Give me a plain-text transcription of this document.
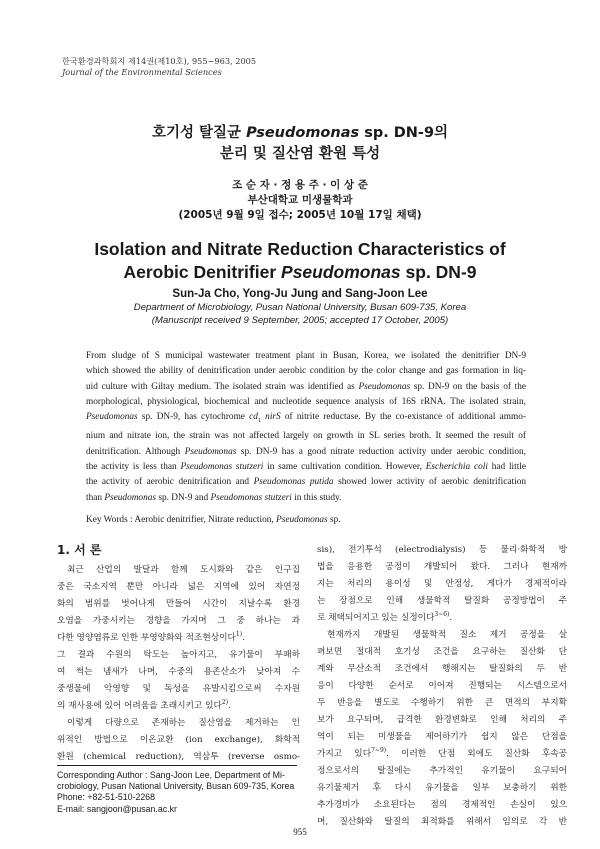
한국환경과학회지 제14권(제10호), 955~963, 2005
Journal of the Environmental Sciences
호기성 탈질균 Pseudomonas sp. DN-9의
분리 및 질산염 환원 특성
조 순 자 · 정 용 주 · 이 상 준
부산대학교 미생물학과
(2005년 9월 9일 접수; 2005년 10월 17일 채택)
Isolation and Nitrate Reduction Characteristics of
Aerobic Denitrifier Pseudomonas sp. DN-9
Sun-Ja Cho, Yong-Ju Jung and Sang-Joon Lee
Department of Microbiology, Pusan National University, Busan 609-735, Korea
(Manuscript received 9 September, 2005; accepted 17 October, 2005)
From sludge of S municipal wastewater treatment plant in Busan, Korea, we isolated the denitrifier DN-9
which showed the ability of denitrification under aerobic condition by the color change and gas formation in liq-
uid culture with Giltay medium. The isolated strain was identified as Pseudomonas sp. DN-9 on the basis of the
morphological, physiological, biochemical and nucleotide sequence analysis of 16S rRNA. The isolated strain,
Pseudomonas sp. DN-9, has cytochrome $cd_1$ nirS of nitrite reductase. By the co-existance of additional ammo-
nium and nitrate ion, the strain was not affected largely on growth in SL series broth. It seemed the result of
denitrification. Although Pseudomonas sp. DN-9 has a good nitrate reduction activity under aerobic condition,
the activity is less than Pseudomonas stutzeri in same cultivation condition. However, Escherichia coli had little
the activity of aerobic denitrification and Pseudomonas putida showed lower activity of aerobic denitrification
than Pseudomonas sp. DN-9 and Pseudomonas stutzeri in this study.
Key Words : Aerobic denitrifier, Nitrate reduction, Pseudomonas sp.
1. 서 론
최근 산업의 발달과 함께 도시화와 같은 인구집
중은 국소지역 뿐만 아니라 넓은 지역에 있어 자연정
화의 범위를 벗어나게 만들어 시간이 지날수록 환경
오염을 가중시키는 경향을 가지며 그 중 하나는 과
다한 영양염류로 인한 부영양화와 적조현상이다$^{1)}$.
그 결과 수원의 탁도는 높아지고, 유기물이 부패하
여 썩는 냄새가 나며, 수중의 용존산소가 낮아져 수
중생물에 악영향 및 독성을 유발시킴으로써 수자원
의 재사용에 있어 어려움을 초래시키고 있다$^{2)}$.
이렇게 다량으로 존재하는 질산염을 제거하는 인
위적인 방법으로 이온교환 (ion exchange), 화학적
환원 (chemical reduction), 역삼투 (reverse osmo-
sis), 전기투석 (electrodialysis) 등 물리·화학적 방
법을 응용한 공정이 개발되어 왔다. 그러나 현재까
지는 처리의 용이성 및 안정성, 게다가 경제적이라
는 장점으로 인해 생물학적 탈질화 공정방법이 주
로 채택되어지고 있는 실정이다$^{3\sim 6)}$.
현재까지 개발된 생물학적 질소 제거 공정을 살
펴보면 절대적 호기성 조건을 요구하는 질산화 단
계와 무산소적 조건에서 행해지는 탈질화의 두 반
응이 다양한 순서로 이어져 진행되는 시스템으로서
두 반응을 별도로 수행하기 위한 큰 면적의 부지확
보가 요구되며, 급격한 환경변화로 인해 처리의 주
역이 되는 미생물을 제어하기가 쉽지 않은 단점을
가지고 있다$^{7\sim 9)}$. 이러한 단점 외에도 질산화 후속공
정으로서의 탈질에는 추가적인 유기물이 요구되어
유기물제거 후 다시 유기물을 일부 보충하기 위한
추가경비가 소요된다는 점의 경제적인 손실이 있으
며, 질산화와 탈질의 최적화를 위해서 임의로 각 반
Corresponding Author : Sang-Joon Lee, Department of Mi-
crobiology, Pusan National University, Busan 609-735, Korea
Phone: +82-51-510-2268
E-mail: sangjoon@pusan.ac.kr
955
